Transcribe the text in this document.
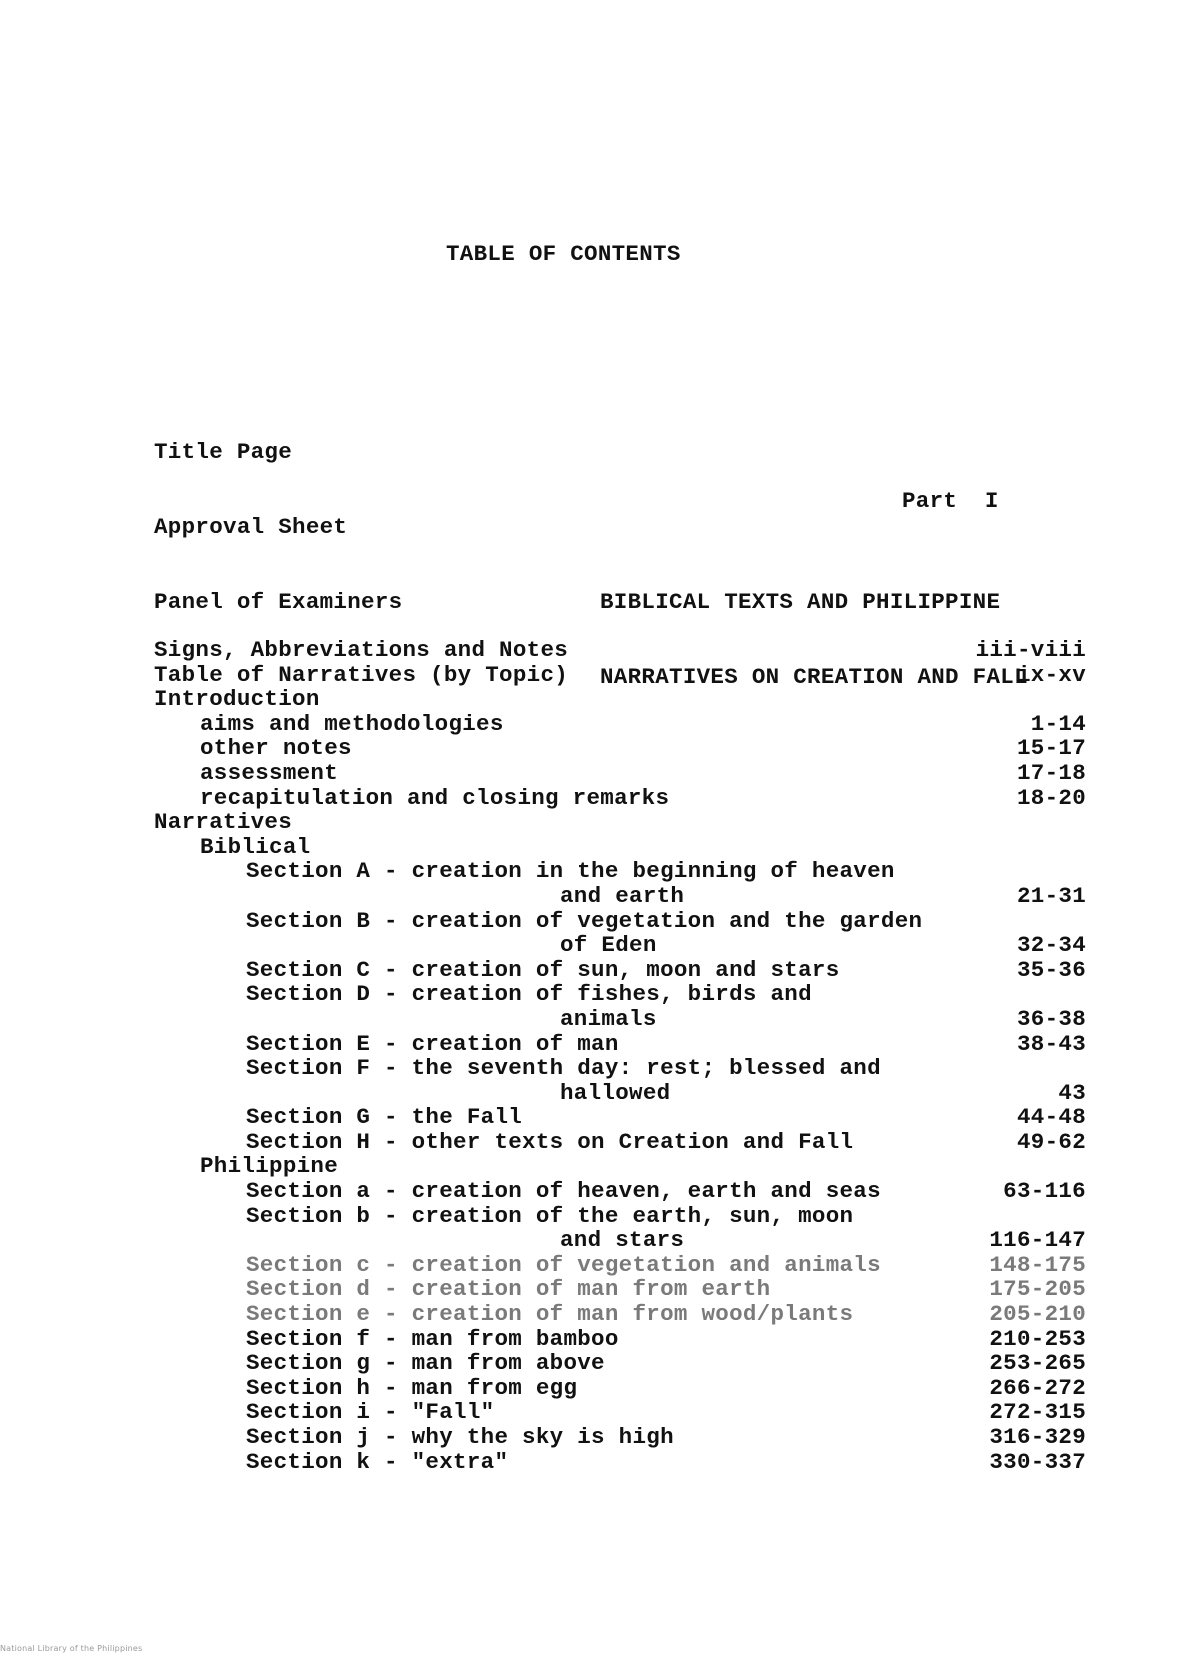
TABLE OF CONTENTS

Title Page

Approval Sheet

Panel of Examiners

Part  I

BIBLICAL TEXTS AND PHILIPPINE

NARRATIVES ON CREATION AND FALL

Signs, Abbreviations and Notes	iii-viii
Table of Narratives (by Topic)	ix-xv
Introduction
aims and methodologies	1-14
other notes	15-17
assessment	17-18
recapitulation and closing remarks	18-20
Narratives
Biblical
Section A - creation in the beginning of heaven
and earth	21-31
Section B - creation of vegetation and the garden
of Eden	32-34
Section C - creation of sun, moon and stars	35-36
Section D - creation of fishes, birds and
animals	36-38
Section E - creation of man	38-43
Section F - the seventh day: rest; blessed and
hallowed	43
Section G - the Fall	44-48
Section H - other texts on Creation and Fall	49-62
Philippine
Section a - creation of heaven, earth and seas	63-116
Section b - creation of the earth, sun, moon
and stars	116-147
Section c - creation of vegetation and animals	148-175
Section d - creation of man from earth	175-205
Section e - creation of man from wood/plants	205-210
Section f - man from bamboo	210-253
Section g - man from above	253-265
Section h - man from egg	266-272
Section i - "Fall"	272-315
Section j - why the sky is high	316-329
Section k - "extra"	330-337
National Library of the Philippines
